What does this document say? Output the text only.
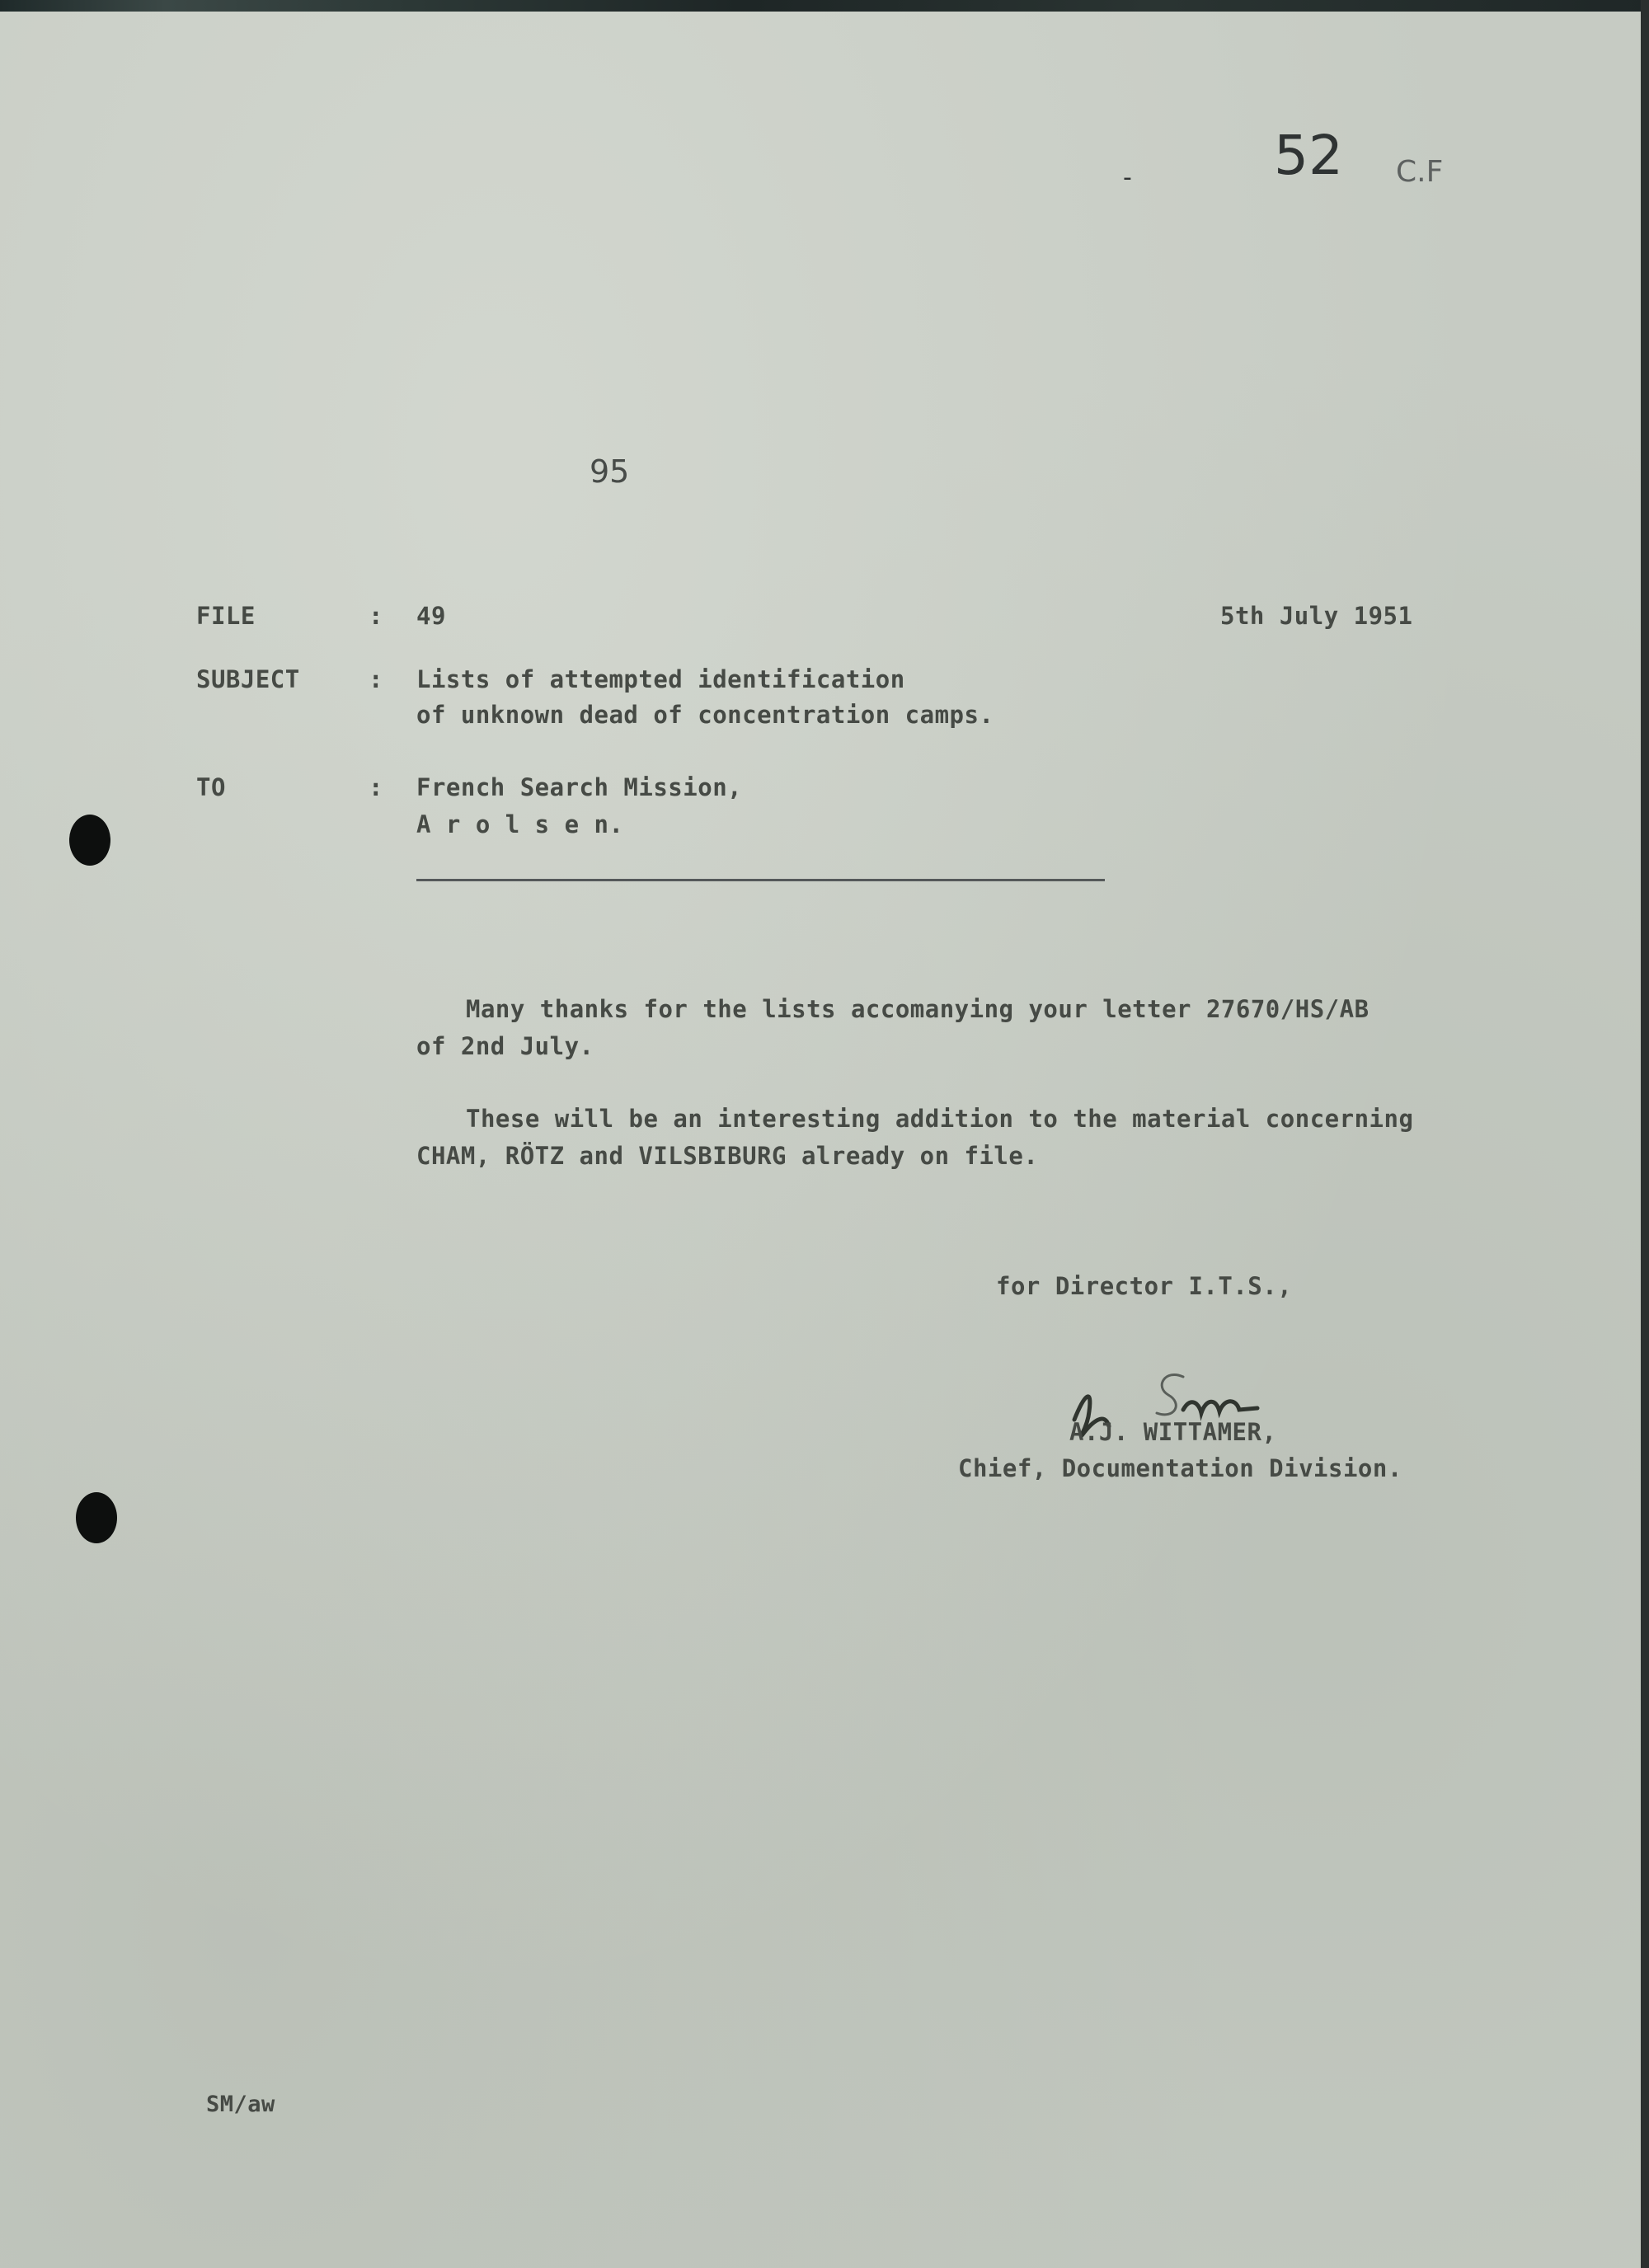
-	52 C.F
95
FILE	: 49	5th July 1951
SUBJECT	: Lists of attempted identification
of unknown dead of concentration camps.
TO	: French Search Mission,
A r o l s e n.
Many thanks for the lists accomanying your letter 27670/HS/AB
of 2nd July.
These will be an interesting addition to the material concerning
CHAM, RÖTZ and VILSBIBURG already on file.
for Director I.T.S.,
A.J. WITTAMER,
Chief, Documentation Division.
SM/aw
